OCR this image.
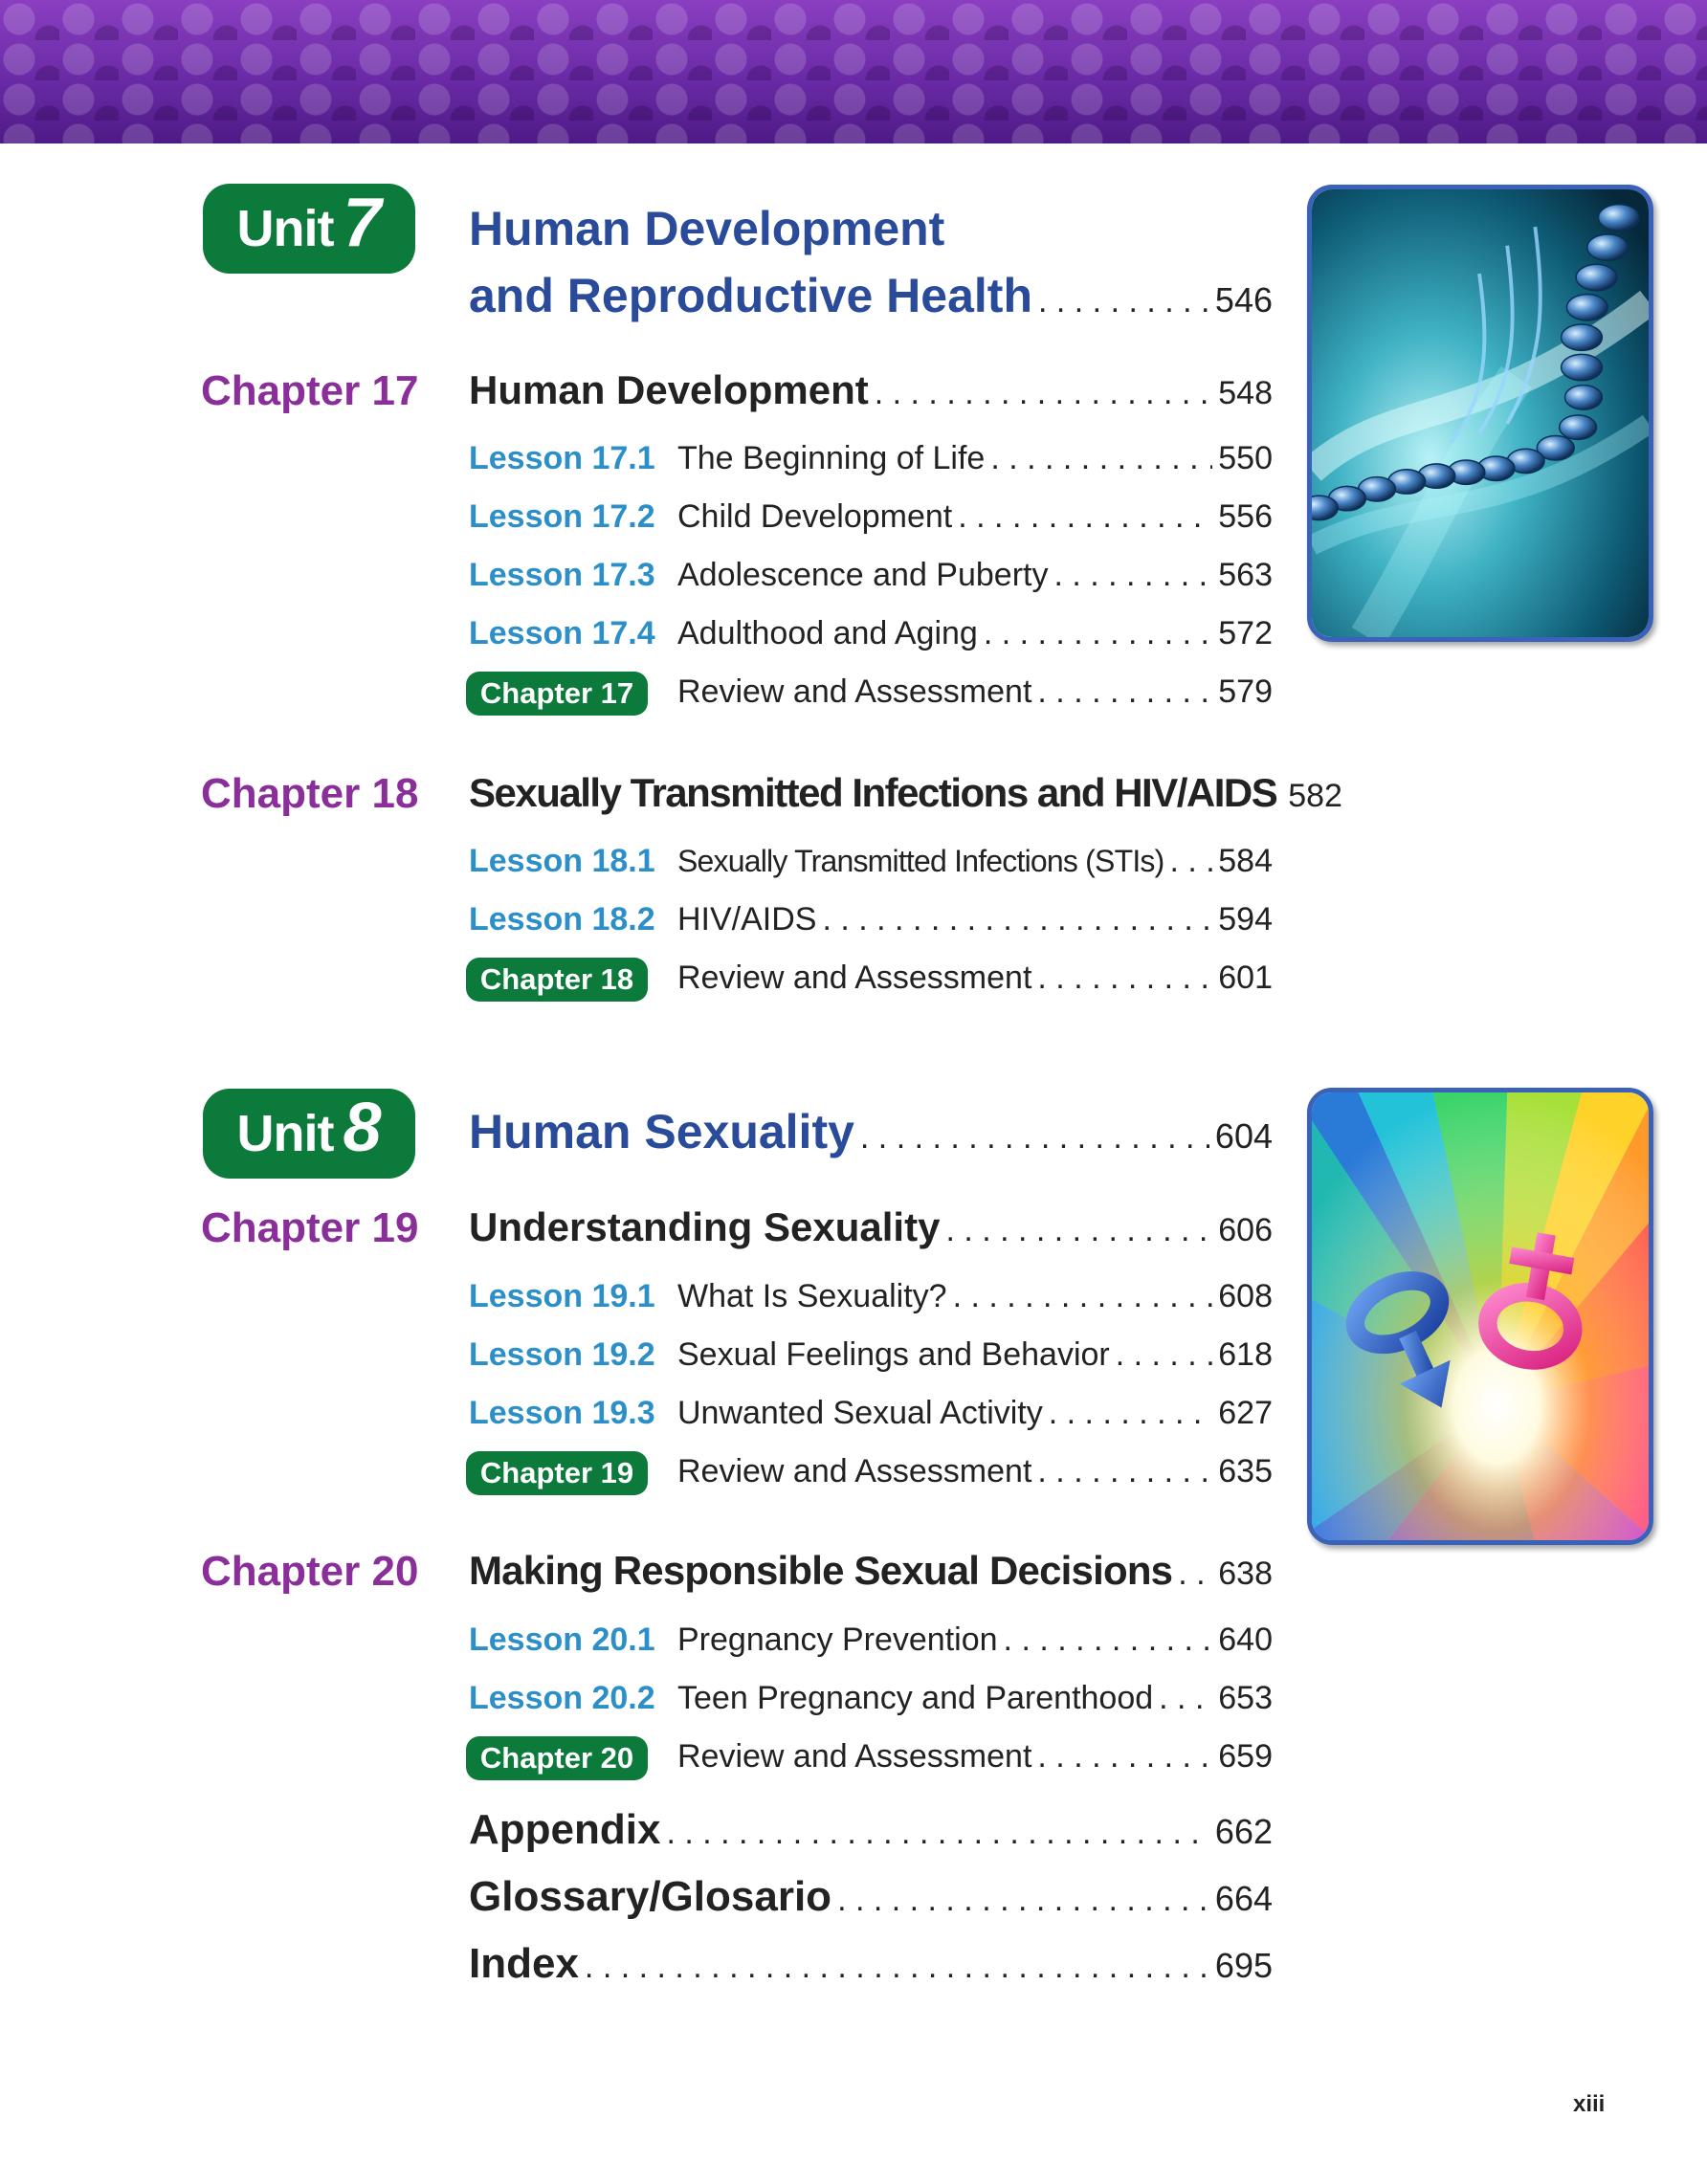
Unit 7 Human Development
and Reproductive Health . . .	546
Chapter 17 Human Development . . .	548
Lesson 17.1 The Beginning of Life . . .	550
Lesson 17.2 Child Development . . .	556
Lesson 17.3 Adolescence and Puberty . . .	563
Lesson 17.4 Adulthood and Aging . . .	572
Chapter 17	Review and Assessment . . .	579
Chapter 18 Sexually Transmitted Infections and HIV/AIDS 582
Lesson 18.1 Sexually Transmitted Infections (STIs) . . . 584
Lesson 18.2 HIV/AIDS . . .	594
Chapter 18	Review and Assessment . . .	601
Unit 8 Human Sexuality . . .	604
Chapter 19 Understanding Sexuality . . .	606
Lesson 19.1 What Is Sexuality? . . .	608
Lesson 19.2 Sexual Feelings and Behavior . . .	618
Lesson 19.3 Unwanted Sexual Activity . . .	627
Chapter 19	Review and Assessment . . .	635
Chapter 20 Making Responsible Sexual Decisions . . . 638
Lesson 20.1 Pregnancy Prevention . . .	640
Lesson 20.2 Teen Pregnancy and Parenthood . . . 653
Chapter 20	Review and Assessment . . .	659
Appendix . . .	662
Glossary/Glosario . . .	664
Index . . .	695
xiii
